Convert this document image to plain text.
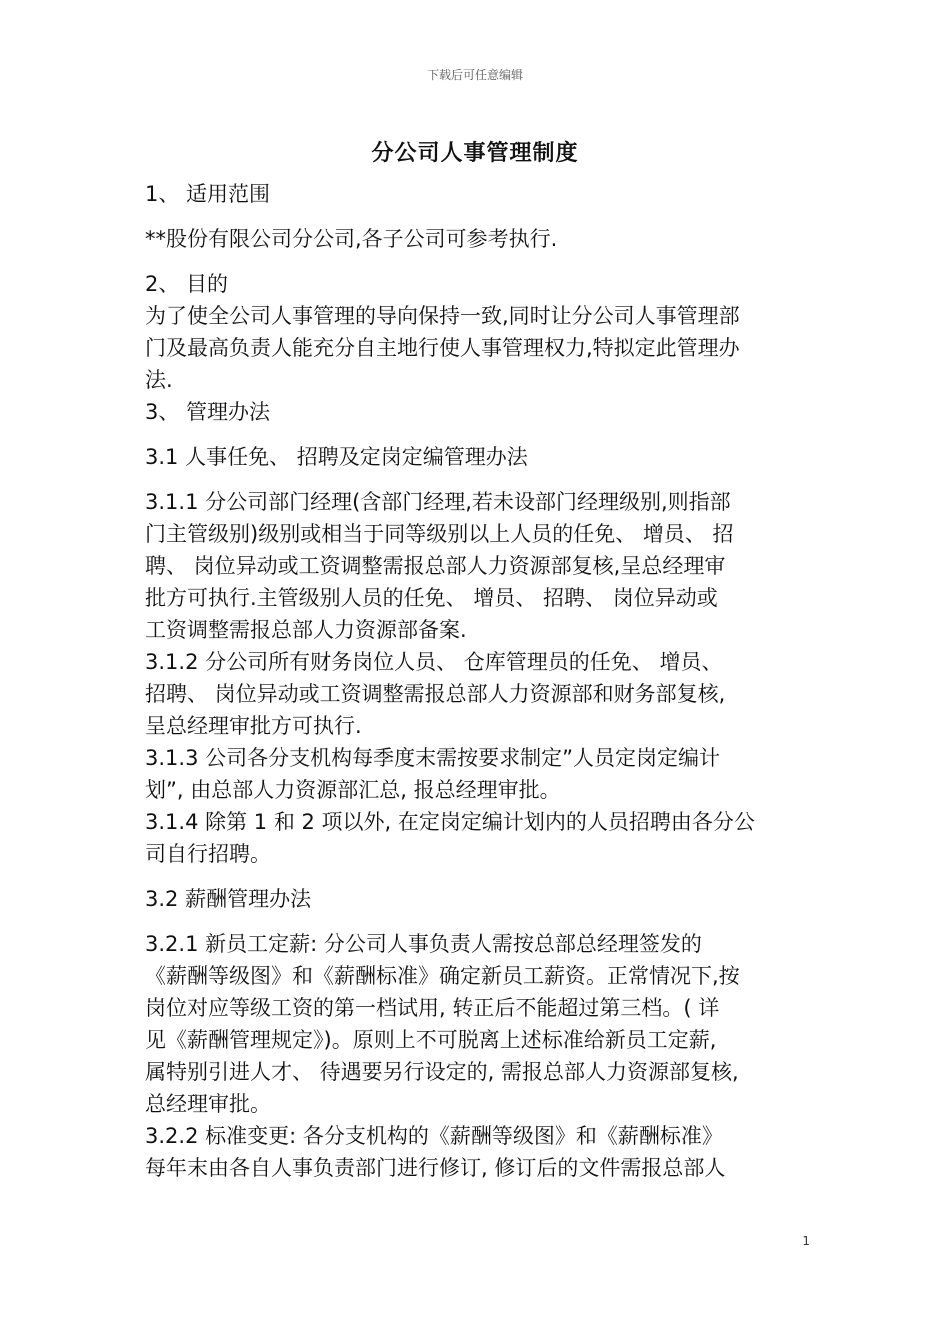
下载后可任意编辑
分公司人事管理制度
1、 适用范围
**股份有限公司分公司,各子公司可参考执行.
2、 目的
为了使全公司人事管理的导向保持一致,同时让分公司人事管理部
门及最高负责人能充分自主地行使人事管理权力,特拟定此管理办
法.
3、 管理办法
3.1 人事任免、 招聘及定岗定编管理办法
3.1.1 分公司部门经理(含部门经理,若未设部门经理级别,则指部
门主管级别)级别或相当于同等级别以上人员的任免、 增员、 招
聘、 岗位异动或工资调整需报总部人力资源部复核,呈总经理审
批方可执行.主管级别人员的任免、 增员、 招聘、 岗位异动或
工资调整需报总部人力资源部备案.
3.1.2 分公司所有财务岗位人员、 仓库管理员的任免、 增员、
招聘、 岗位异动或工资调整需报总部人力资源部和财务部复核,
呈总经理审批方可执行.
3.1.3 公司各分支机构每季度末需按要求制定”人员定岗定编计
划”, 由总部人力资源部汇总, 报总经理审批。
3.1.4 除第 1 和 2 项以外, 在定岗定编计划内的人员招聘由各分公
司自行招聘。
3.2 薪酬管理办法
3.2.1 新员工定薪: 分公司人事负责人需按总部总经理签发的
《薪酬等级图》和《薪酬标准》确定新员工薪资。正常情况下,按
岗位对应等级工资的第一档试用, 转正后不能超过第三档。( 详
见《薪酬管理规定》)。原则上不可脱离上述标准给新员工定薪,
属特别引进人才、 待遇要另行设定的, 需报总部人力资源部复核,
总经理审批。
3.2.2 标准变更: 各分支机构的《薪酬等级图》和《薪酬标准》
每年末由各自人事负责部门进行修订, 修订后的文件需报总部人
1
